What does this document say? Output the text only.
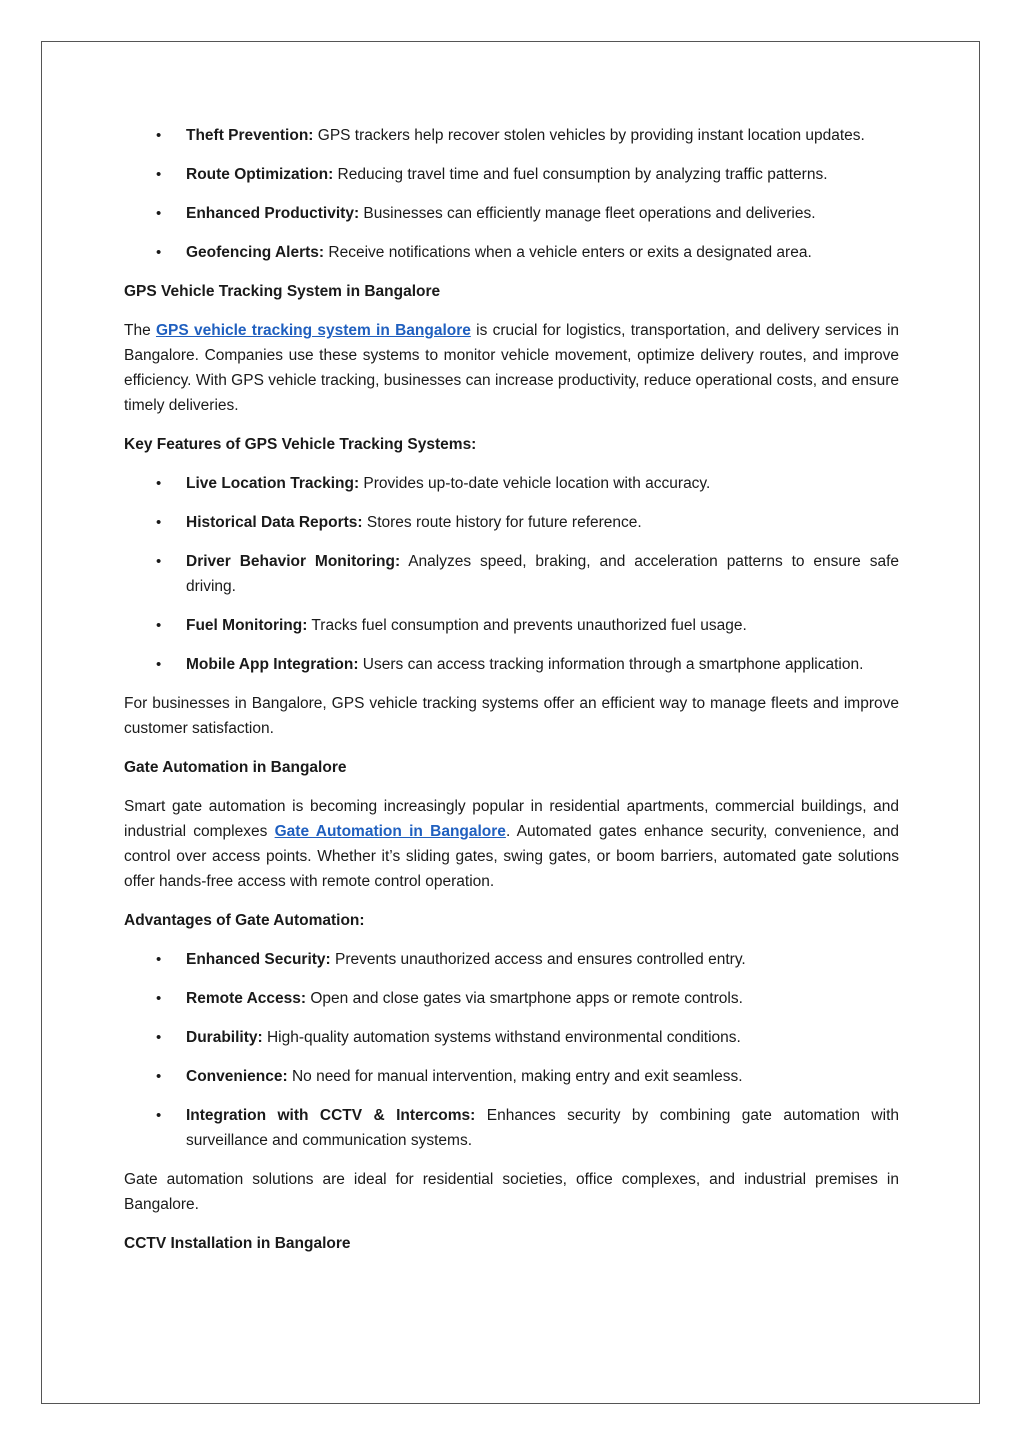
• Theft Prevention: GPS trackers help recover stolen vehicles by providing instant location updates.
• Route Optimization: Reducing travel time and fuel consumption by analyzing traffic patterns.
• Enhanced Productivity: Businesses can efficiently manage fleet operations and deliveries.
• Geofencing Alerts: Receive notifications when a vehicle enters or exits a designated area.

GPS Vehicle Tracking System in Bangalore

The GPS vehicle tracking system in Bangalore is crucial for logistics, transportation, and delivery services in Bangalore. Companies use these systems to monitor vehicle movement, optimize delivery routes, and improve efficiency. With GPS vehicle tracking, businesses can increase productivity, reduce operational costs, and ensure timely deliveries.

Key Features of GPS Vehicle Tracking Systems:

• Live Location Tracking: Provides up-to-date vehicle location with accuracy.
• Historical Data Reports: Stores route history for future reference.
• Driver Behavior Monitoring: Analyzes speed, braking, and acceleration patterns to ensure safe driving.
• Fuel Monitoring: Tracks fuel consumption and prevents unauthorized fuel usage.
• Mobile App Integration: Users can access tracking information through a smartphone application.

For businesses in Bangalore, GPS vehicle tracking systems offer an efficient way to manage fleets and improve customer satisfaction.

Gate Automation in Bangalore

Smart gate automation is becoming increasingly popular in residential apartments, commercial buildings, and industrial complexes Gate Automation in Bangalore. Automated gates enhance security, convenience, and control over access points. Whether it’s sliding gates, swing gates, or boom barriers, automated gate solutions offer hands-free access with remote control operation.

Advantages of Gate Automation:

• Enhanced Security: Prevents unauthorized access and ensures controlled entry.
• Remote Access: Open and close gates via smartphone apps or remote controls.
• Durability: High-quality automation systems withstand environmental conditions.
• Convenience: No need for manual intervention, making entry and exit seamless.
• Integration with CCTV & Intercoms: Enhances security by combining gate automation with surveillance and communication systems.

Gate automation solutions are ideal for residential societies, office complexes, and industrial premises in Bangalore.

CCTV Installation in Bangalore
